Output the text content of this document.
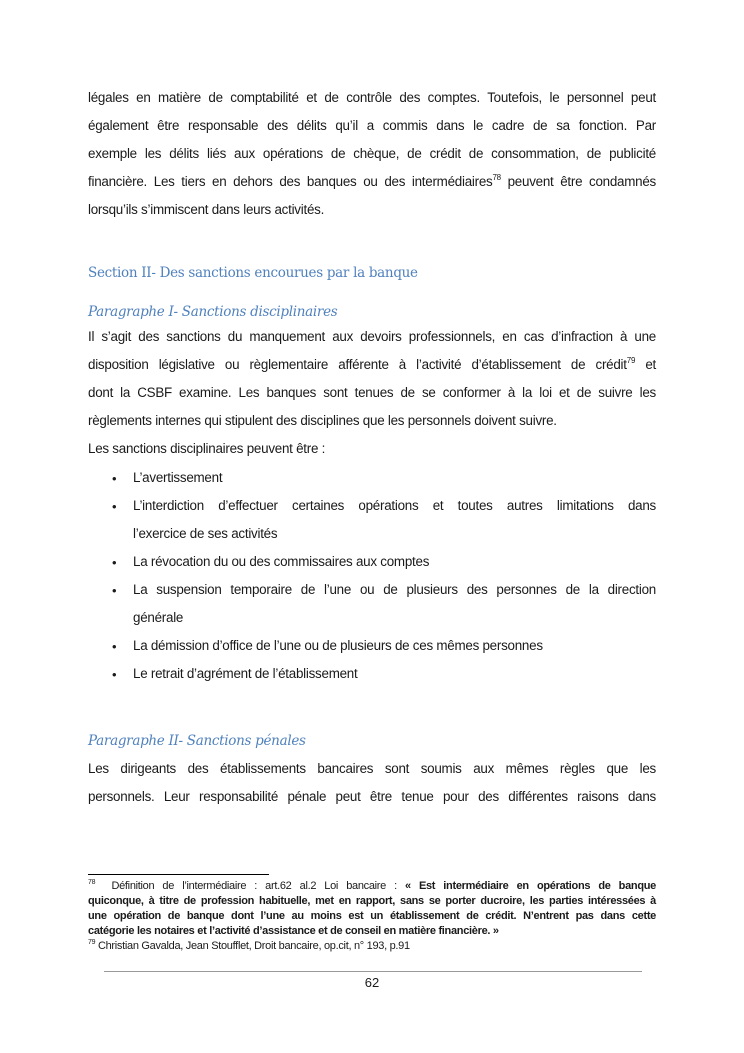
légales en matière de comptabilité et de contrôle des comptes. Toutefois, le personnel peut
également être responsable des délits qu’il a commis dans le cadre de sa fonction. Par
exemple les délits liés aux opérations de chèque, de crédit de consommation, de publicité
financière. Les tiers en dehors des banques ou des intermédiaires$^{78}$ peuvent être condamnés
lorsqu’ils s’immiscent dans leurs activités.
Section II- Des sanctions encourues par la banque
Paragraphe I- Sanctions disciplinaires
Il s’agit des sanctions du manquement aux devoirs professionnels, en cas d’infraction à une
disposition législative ou règlementaire afférente à l’activité d’établissement de crédit$^{79}$ et
dont la CSBF examine. Les banques sont tenues de se conformer à la loi et de suivre les
règlements internes qui stipulent des disciplines que les personnels doivent suivre.
Les sanctions disciplinaires peuvent être :
• L’avertissement
• L’interdiction d’effectuer certaines opérations et toutes autres limitations dans
l’exercice de ses activités
• La révocation du ou des commissaires aux comptes
• La suspension temporaire de l’une ou de plusieurs des personnes de la direction
générale
• La démission d’office de l’une ou de plusieurs de ces mêmes personnes
• Le retrait d’agrément de l’établissement
Paragraphe II- Sanctions pénales
Les dirigeants des établissements bancaires sont soumis aux mêmes règles que les
personnels. Leur responsabilité pénale peut être tenue pour des différentes raisons dans
$^{78}$ Définition de l’intermédiaire : art.62 al.2 Loi bancaire : « Est intermédiaire en opérations de banque
quiconque, à titre de profession habituelle, met en rapport, sans se porter ducroire, les parties intéressées à
une opération de banque dont l’une au moins est un établissement de crédit. N’entrent pas dans cette
catégorie les notaires et l’activité d’assistance et de conseil en matière financière. »
$^{79}$ Christian Gavalda, Jean Stoufflet, Droit bancaire, op.cit, n° 193, p.91
62
